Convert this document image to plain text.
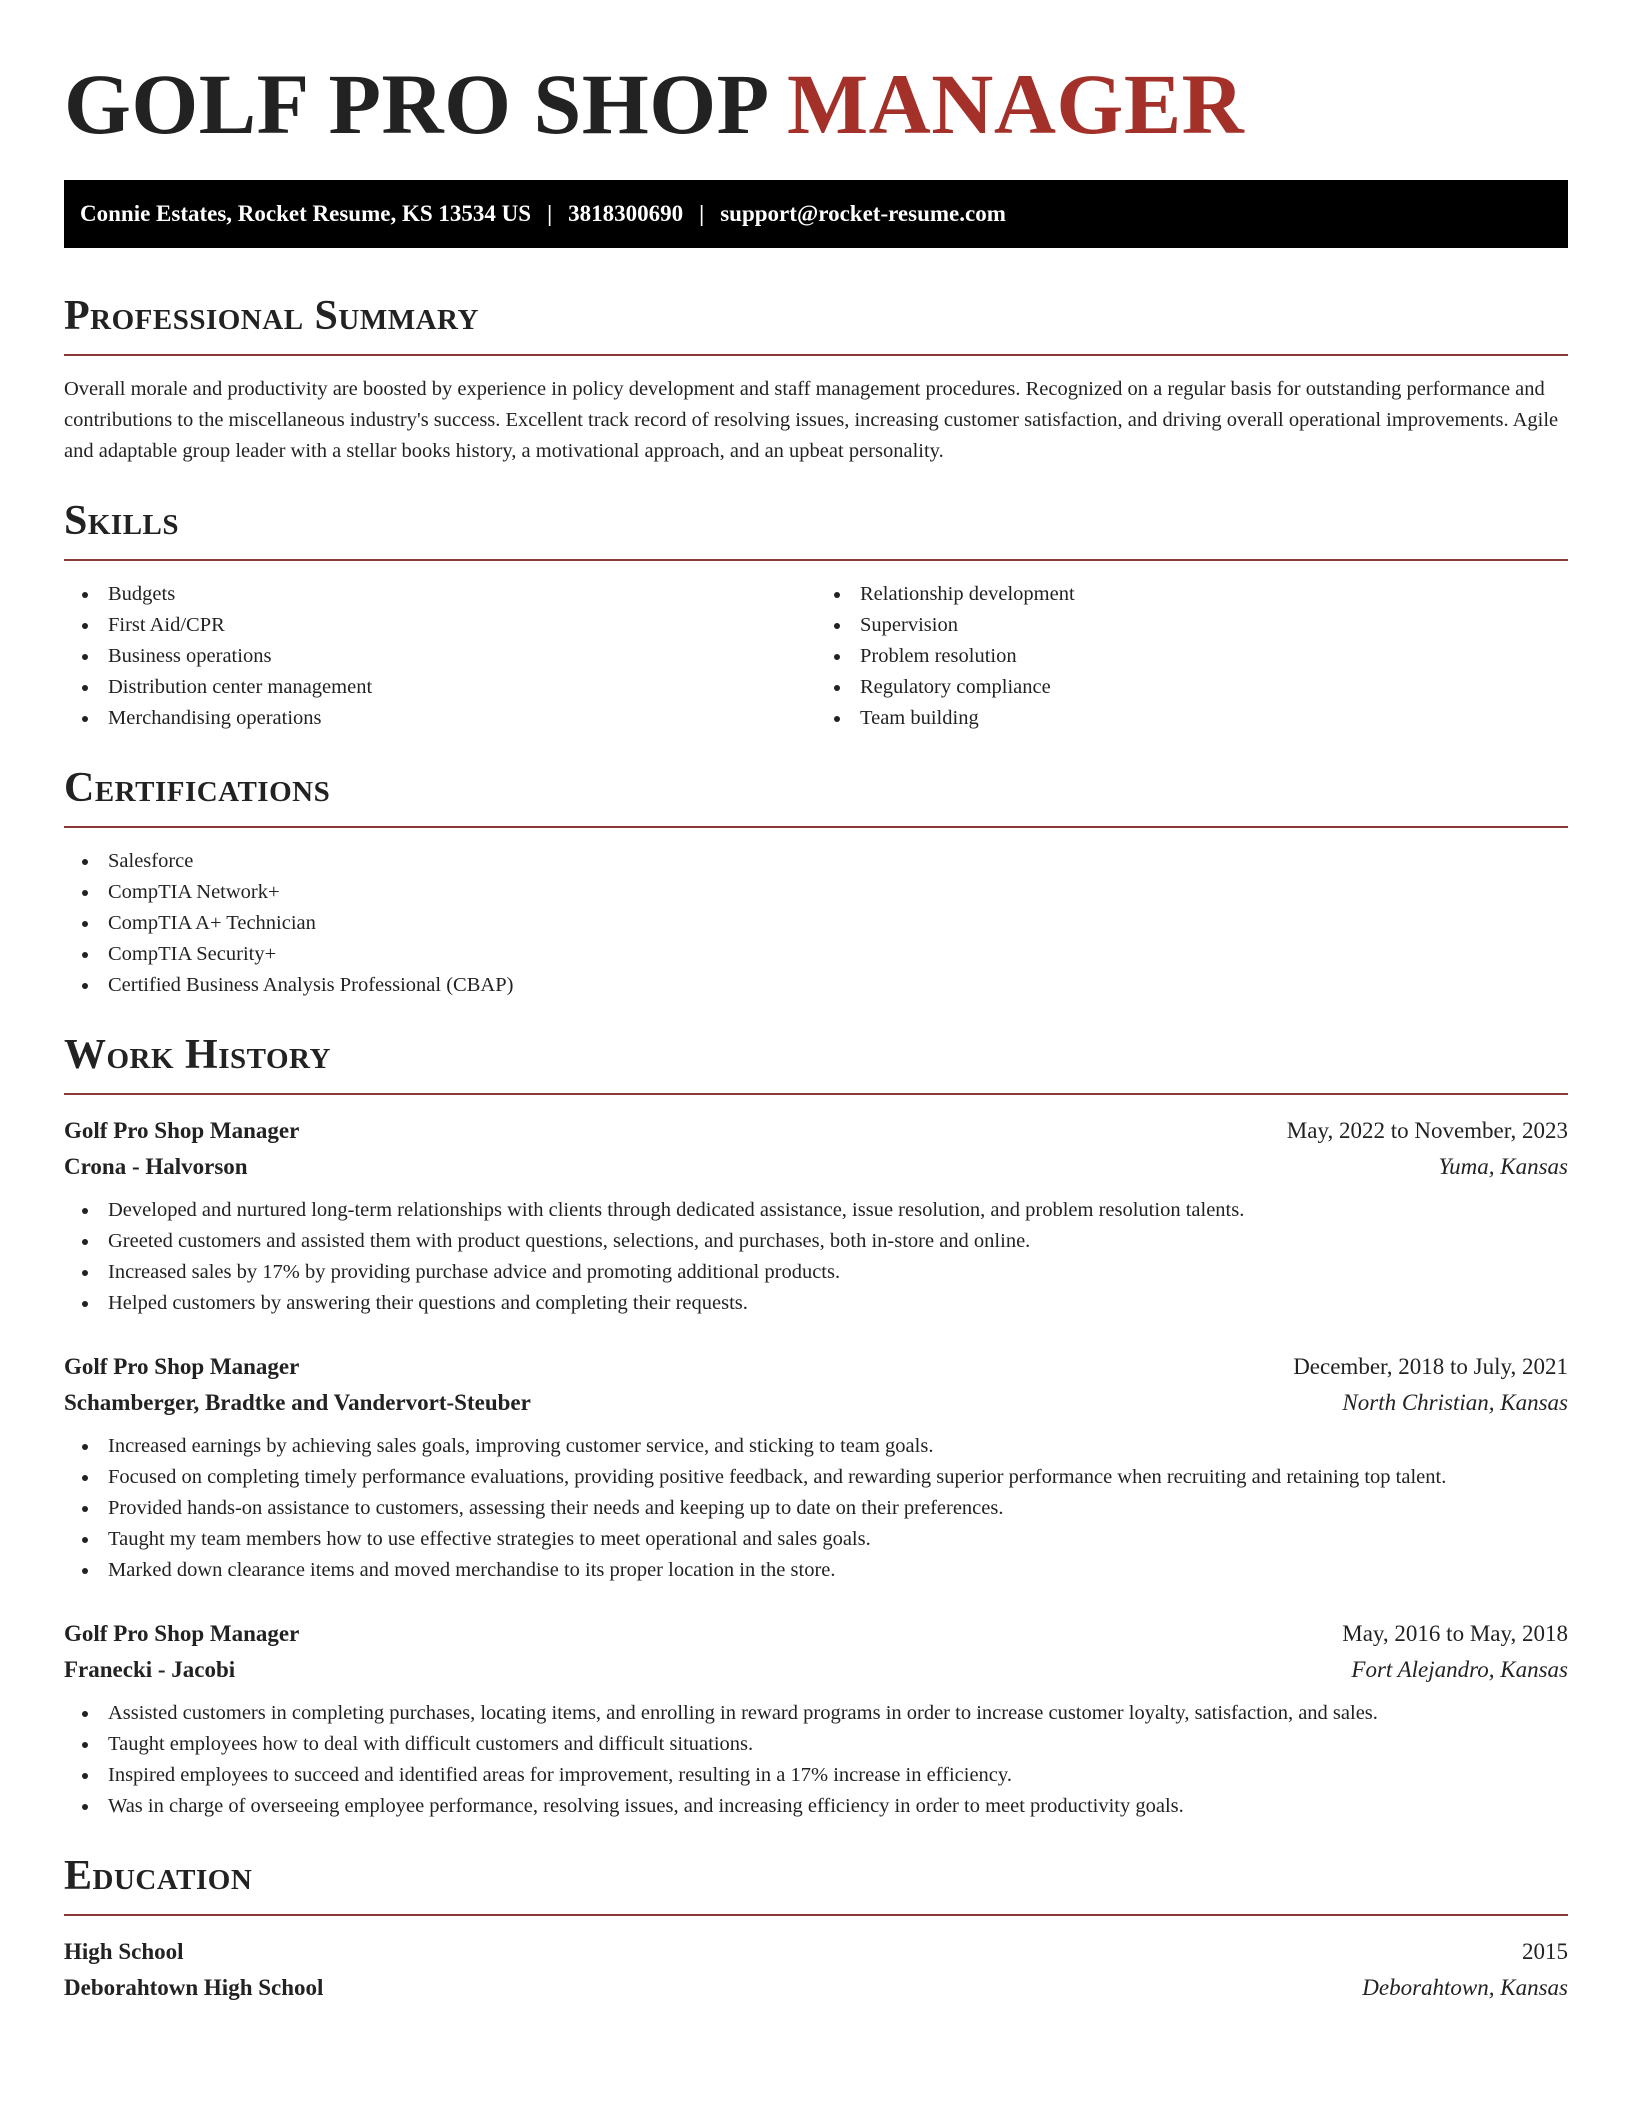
GOLF PRO SHOP MANAGER
Connie Estates, Rocket Resume, KS 13534 US | 3818300690 | support@rocket-resume.com
Professional Summary

Overall morale and productivity are boosted by experience in policy development and staff management procedures. Recognized on a regular basis for outstanding performance and contributions to the miscellaneous industry's success. Excellent track record of resolving issues, increasing customer satisfaction, and driving overall operational improvements. Agile and adaptable group leader with a stellar books history, a motivational approach, and an upbeat personality.

Skills
Budgets
First Aid/CPR
Business operations
Distribution center management
Merchandising operations
Relationship development
Supervision
Problem resolution
Regulatory compliance
Team building
Certifications
Salesforce
CompTIA Network+
CompTIA A+ Technician
CompTIA Security+
Certified Business Analysis Professional (CBAP)
Work History
Golf Pro Shop Manager	May, 2022 to November, 2023
Crona - Halvorson	Yuma, Kansas
Developed and nurtured long-term relationships with clients through dedicated assistance, issue resolution, and problem resolution talents.
Greeted customers and assisted them with product questions, selections, and purchases, both in-store and online.
Increased sales by 17% by providing purchase advice and promoting additional products.
Helped customers by answering their questions and completing their requests.
Golf Pro Shop Manager	December, 2018 to July, 2021
Schamberger, Bradtke and Vandervort-Steuber	North Christian, Kansas
Increased earnings by achieving sales goals, improving customer service, and sticking to team goals.
Focused on completing timely performance evaluations, providing positive feedback, and rewarding superior performance when recruiting and retaining top talent.
Provided hands-on assistance to customers, assessing their needs and keeping up to date on their preferences.
Taught my team members how to use effective strategies to meet operational and sales goals.
Marked down clearance items and moved merchandise to its proper location in the store.
Golf Pro Shop Manager	May, 2016 to May, 2018
Franecki - Jacobi	Fort Alejandro, Kansas
Assisted customers in completing purchases, locating items, and enrolling in reward programs in order to increase customer loyalty, satisfaction, and sales.
Taught employees how to deal with difficult customers and difficult situations.
Inspired employees to succeed and identified areas for improvement, resulting in a 17% increase in efficiency.
Was in charge of overseeing employee performance, resolving issues, and increasing efficiency in order to meet productivity goals.
Education
High School	2015
Deborahtown High School	Deborahtown, Kansas
